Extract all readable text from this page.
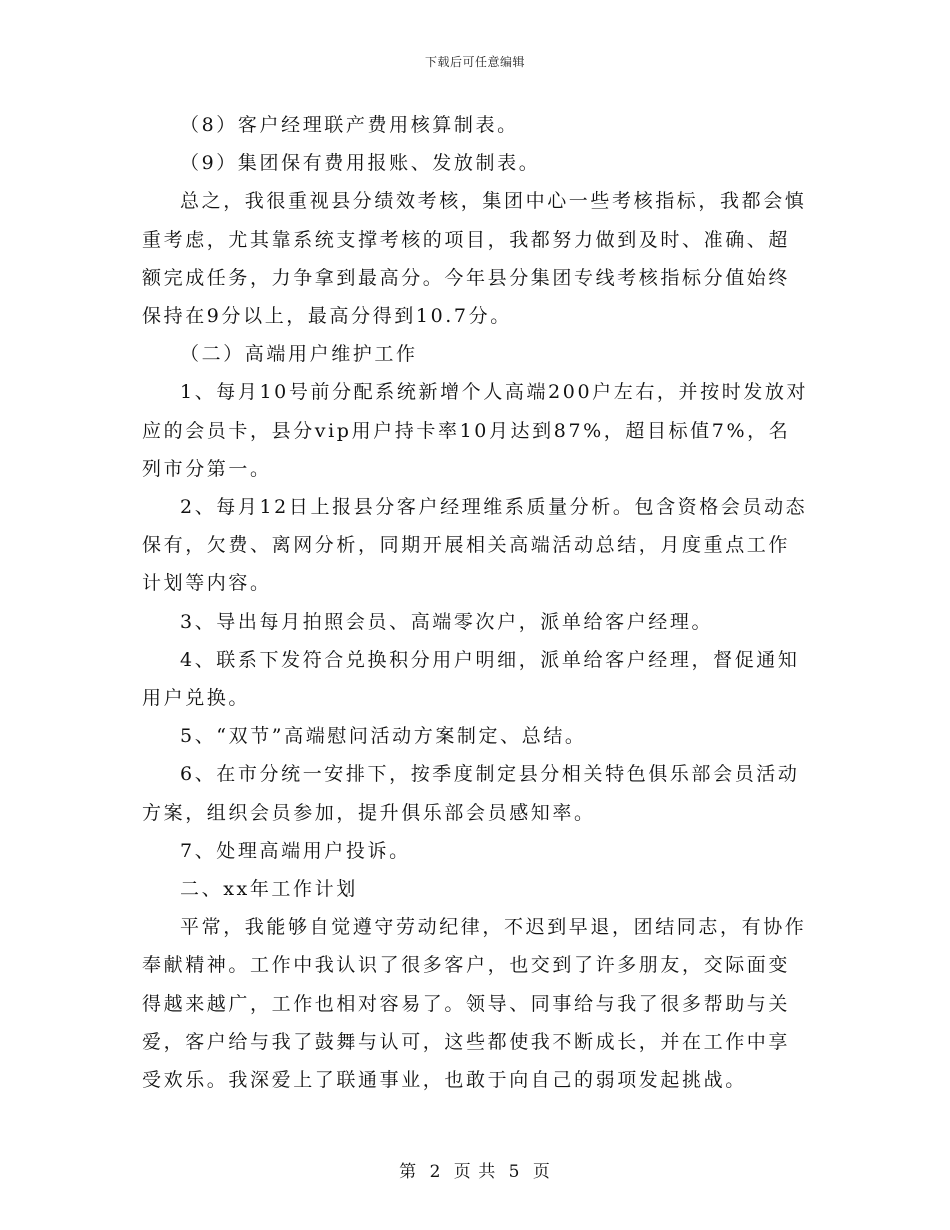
下载后可任意编辑

（8）客户经理联产费用核算制表。

（9）集团保有费用报账、发放制表。

总之，我很重视县分绩效考核，集团中心一些考核指标，我都会慎重考虑，尤其靠系统支撑考核的项目，我都努力做到及时、准确、超额完成任务，力争拿到最高分。今年县分集团专线考核指标分值始终保持在9分以上，最高分得到10.7分。

（二）高端用户维护工作

1、每月10号前分配系统新增个人高端200户左右，并按时发放对应的会员卡，县分vip用户持卡率10月达到87%，超目标值7%，名列市分第一。

2、每月12日上报县分客户经理维系质量分析。包含资格会员动态保有，欠费、离网分析，同期开展相关高端活动总结，月度重点工作计划等内容。

3、导出每月拍照会员、高端零次户，派单给客户经理。

4、联系下发符合兑换积分用户明细，派单给客户经理，督促通知用户兑换。

5、“双节”高端慰问活动方案制定、总结。

6、在市分统一安排下，按季度制定县分相关特色俱乐部会员活动方案，组织会员参加，提升俱乐部会员感知率。

7、处理高端用户投诉。

二、xx年工作计划

平常，我能够自觉遵守劳动纪律，不迟到早退，团结同志，有协作奉献精神。工作中我认识了很多客户，也交到了许多朋友，交际面变得越来越广，工作也相对容易了。领导、同事给与我了很多帮助与关爱，客户给与我了鼓舞与认可，这些都使我不断成长，并在工作中享受欢乐。我深爱上了联通事业，也敢于向自己的弱项发起挑战。

第 2 页 共 5 页
